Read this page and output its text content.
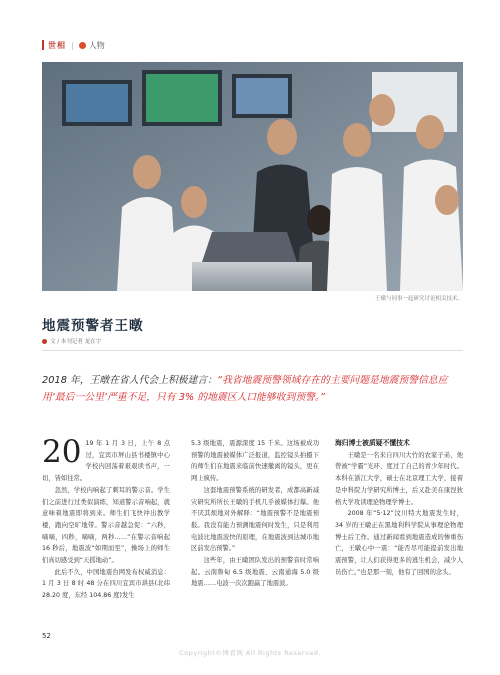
世相 | 人物
王暾与同事一起研究讨论相关技术。
地震预警者王暾
文 / 本刊记者 龙在宇
2018 年，王暾在省人代会上积极建言：“我省地震预警领域存在的主要问题是地震预警信息应用‘最后一公里’严重不足，只有 3% 的地震区人口能够收到预警。”

20 19 年 1 月 3 日，上午 8 点过，宜宾市屏山县书楼镇中心学校内回荡着艰艰读书声，一切，皆如往常。

忽然，学校内响起了刺耳的警示音。学生们之前进行过类似演练，知道警示音响起，就意味着地震即将到来。师生们飞快冲出教学楼，跑向空旷地带。警示音越急促：“六秒，嘀嘀，四秒，嘀嘀，两秒……”在警示音响起 16 秒后，地震波“如期而至”，操场上的师生们真切感受到“天摇地动”。

此后不久，中国地震台网发布权威消息：1 月 3 日 8 时 48 分在四川宜宾市珙县(北纬 28.20 度，东经 104.86 度)发生

5.3 级地震，震源深度 15 千米。这场被成功预警的地震被媒体广泛报道，监控镜头拍摄下的师生们在地震来临前快速撤离的镜头，更在网上疯传。

这套地震预警系统的研发者，成都高新减灾研究所所长王暾的手机几乎被媒体打爆。他不厌其烦地对外解释：“地震预警不是地震预报。我没有能力预测地震何时发生，只是利用电波比地震波快的原理，在地震波到达城市地区前发出预警。”

这些年，由王暾团队发出的预警音时常响起。云南鲁甸 6.5 级地震、云南通海 5.0 级地震……电波一次次跑赢了地震波。

海归博士被质疑不懂技术

王暾是一名来自四川大竹的农家子弟，他曾被“学霸”光环、度过了自己的青少年时代。本科在浙江大学，硕士在北京理工大学，接着是中科院力学研究所博士，后又赴美在康涅狄格大学攻读理论物理学博士。

2008 年“5·12”汶川特大地震发生时，34 岁的王暾正在黑地利科学院从事理论物理博士后工作。通过新闻看到地震造成的惨重伤亡，王暾心中一震：“能否尽可能提前发出地震预警，让人们获得更多的逃生机会，减少人员伤亡。”也是那一刻，他有了回国的念头。

52
Copyright©博看网 All Rights Reserved.
